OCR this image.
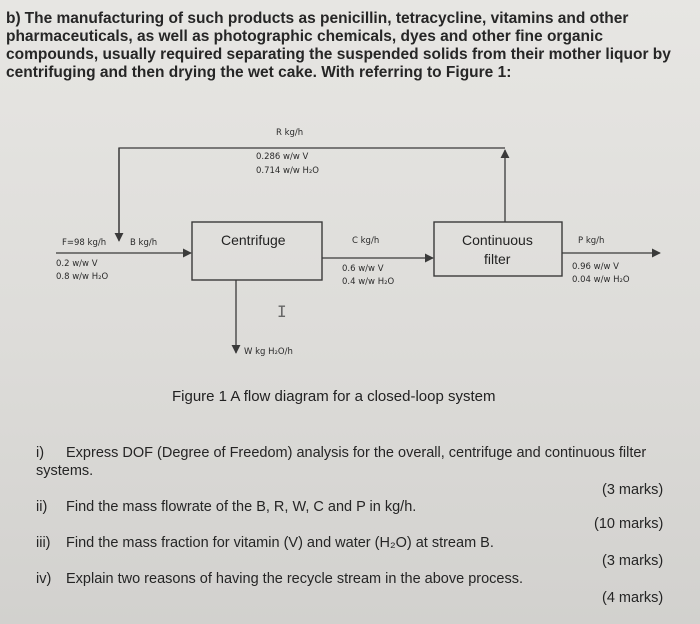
b) The manufacturing of such products as penicillin, tetracycline, vitamins and other pharmaceuticals, as well as photographic chemicals, dyes and other fine organic compounds, usually required separating the suspended solids from their mother liquor by centrifuging and then drying the wet cake. With referring to Figure 1:

Centrifuge	Continuous
filter
R kg/h
0.286 w/w V
0.714 w/w H₂O
F=98 kg/h
0.2 w/w V
0.8 w/w H₂O
B kg/h	C kg/h
0.6 w/w V
0.4 w/w H₂O
P kg/h
0.96 w/w V
0.04 w/w H₂O
W kg H₂O/h
I

Figure 1 A flow diagram for a closed-loop system

i) Express DOF (Degree of Freedom) analysis for the overall, centrifuge and continuous filter systems.
(3 marks)
ii) Find the mass flowrate of the B, R, W, C and P in kg/h.
(10 marks)
iii) Find the mass fraction for vitamin (V) and water (H₂O) at stream B.
(3 marks)
iv) Explain two reasons of having the recycle stream in the above process.
(4 marks)
